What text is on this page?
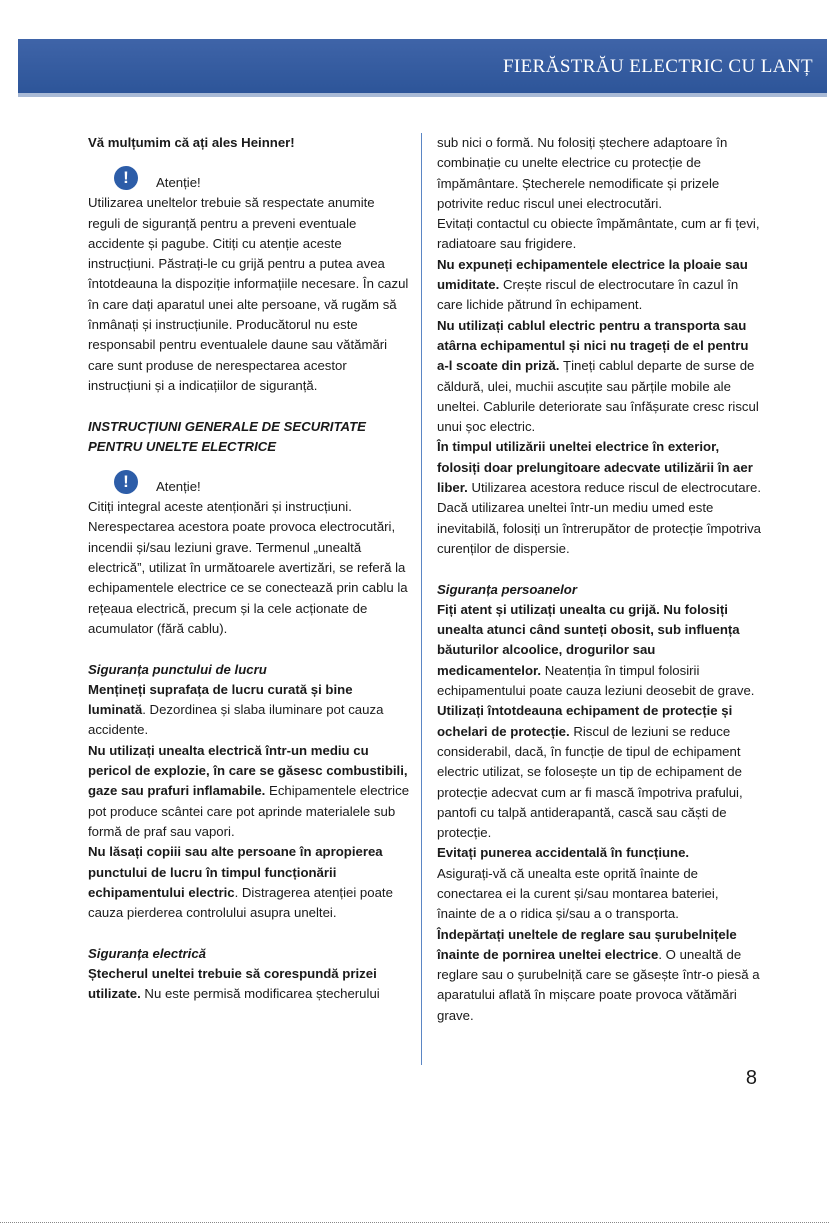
FIERĂSTRĂU ELECTRIC CU LANȚ

Vă mulțumim că ați ales Heinner!

!	Atenție!

Utilizarea uneltelor trebuie să respectate anumite reguli de siguranță pentru a preveni eventuale accidente și pagube. Citiți cu atenție aceste instrucțiuni. Păstrați-le cu grijă pentru a putea avea întotdeauna la dispoziție informațiile necesare. În cazul în care dați aparatul unei alte persoane, vă rugăm să înmânați și instrucțiunile. Producătorul nu este responsabil pentru eventualele daune sau vătămări care sunt produse de nerespectarea acestor instrucțiuni și a indicațiilor de siguranță.

INSTRUCȚIUNI GENERALE DE SECURITATE PENTRU UNELTE ELECTRICE

!	Atenție!

Citiți integral aceste atenționări și instrucțiuni. Nerespectarea acestora poate provoca electrocutări, incendii și/sau leziuni grave. Termenul „unealtă electrică”, utilizat în următoarele avertizări, se referă la echipamentele electrice ce se conectează prin cablu la rețeaua electrică, precum și la cele acționate de acumulator (fără cablu).

Siguranța punctului de lucru

Mențineți suprafața de lucru curată și bine luminată. Dezordinea și slaba iluminare pot cauza accidente.

Nu utilizați unealta electrică într-un mediu cu pericol de explozie, în care se găsesc combustibili, gaze sau prafuri inflamabile. Echipamentele electrice pot produce scântei care pot aprinde materialele sub formă de praf sau vapori.

Nu lăsați copiii sau alte persoane în apropierea punctului de lucru în timpul funcționării echipamentului electric. Distragerea atenției poate cauza pierderea controlului asupra uneltei.

Siguranța electrică

Ștecherul uneltei trebuie să corespundă prizei utilizate. Nu este permisă modificarea ștecherului

sub nici o formă. Nu folosiți ștechere adaptoare în combinație cu unelte electrice cu protecție de împământare. Ștecherele nemodificate și prizele potrivite reduc riscul unei electrocutări.

Evitați contactul cu obiecte împământate, cum ar fi țevi, radiatoare sau frigidere.

Nu expuneți echipamentele electrice la ploaie sau umiditate. Crește riscul de electrocutare în cazul în care lichide pătrund în echipament.

Nu utilizați cablul electric pentru a transporta sau atârna echipamentul și nici nu trageți de el pentru a-l scoate din priză. Țineți cablul departe de surse de căldură, ulei, muchii ascuțite sau părțile mobile ale uneltei. Cablurile deteriorate sau înfășurate cresc riscul unui șoc electric.

În timpul utilizării uneltei electrice în exterior, folosiți doar prelungitoare adecvate utilizării în aer liber. Utilizarea acestora reduce riscul de electrocutare. Dacă utilizarea uneltei într-un mediu umed este inevitabilă, folosiți un întrerupător de protecție împotriva curenților de dispersie.

Siguranța persoanelor

Fiți atent și utilizați unealta cu grijă. Nu folosiți unealta atunci când sunteți obosit, sub influența băuturilor alcoolice, drogurilor sau medicamentelor. Neatenția în timpul folosirii echipamentului poate cauza leziuni deosebit de grave.

Utilizați întotdeauna echipament de protecție și ochelari de protecție. Riscul de leziuni se reduce considerabil, dacă, în funcție de tipul de echipament electric utilizat, se folosește un tip de echipament de protecție adecvat cum ar fi mască împotriva prafului, pantofi cu talpă antiderapantă, cască sau căști de protecție.

Evitați punerea accidentală în funcțiune.

Asigurați-vă că unealta este oprită înainte de conectarea ei la curent și/sau montarea bateriei, înainte de a o ridica și/sau a o transporta.

Îndepărtați uneltele de reglare sau șurubelnițele înainte de pornirea uneltei electrice. O unealtă de reglare sau o șurubelniță care se găsește într-o piesă a aparatului aflată în mișcare poate provoca vătămări grave.

8
